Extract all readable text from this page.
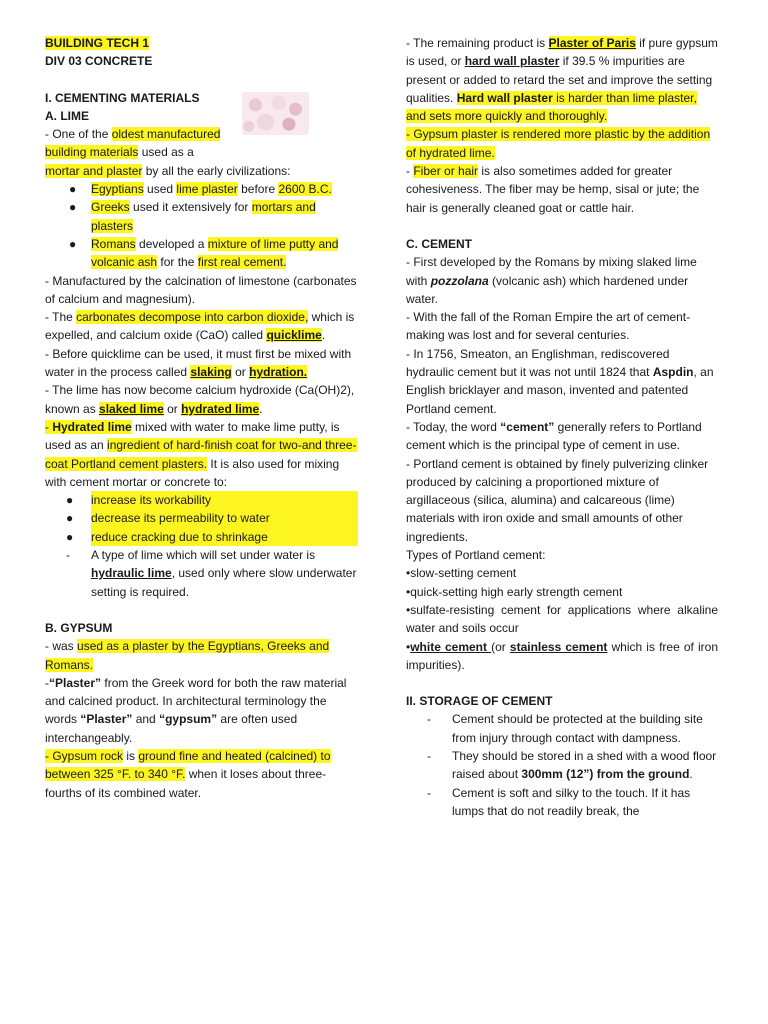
BUILDING TECH 1

DIV 03 CONCRETE

I. CEMENTING MATERIALS

A. LIME

- One of the oldest manufactured building materials used as a

mortar and plaster by all the early civilizations:

● Egyptians used lime plaster before 2600 B.C.
● Greeks used it extensively for mortars and plasters
● Romans developed a mixture of lime putty and volcanic ash for the first real cement.

- Manufactured by the calcination of limestone (carbonates of calcium and magnesium).

- The carbonates decompose into carbon dioxide, which is expelled, and calcium oxide (CaO) called quicklime.

- Before quicklime can be used, it must first be mixed with water in the process called slaking or hydration.

- The lime has now become calcium hydroxide (Ca(OH)2), known as slaked lime or hydrated lime.

- Hydrated lime mixed with water to make lime putty, is used as an ingredient of hard-finish coat for two-and three-coat Portland cement plasters. It is also used for mixing with cement mortar or concrete to:

● increase its workability
● decrease its permeability to water
● reduce cracking due to shrinkage
- A type of lime which will set under water is hydraulic lime, used only where slow underwater setting is required.

B. GYPSUM

- was used as a plaster by the Egyptians, Greeks and Romans.

-“Plaster” from the Greek word for both the raw material and calcined product. In architectural terminology the words “Plaster” and “gypsum” are often used interchangeably.

- Gypsum rock is ground fine and heated (calcined) to between 325 °F. to 340 °F. when it loses about three-fourths of its combined water.

- The remaining product is Plaster of Paris if pure gypsum is used, or hard wall plaster if 39.5 % impurities are present or added to retard the set and improve the setting qualities. Hard wall plaster is harder than lime plaster, and sets more quickly and thoroughly.

- Gypsum plaster is rendered more plastic by the addition of hydrated lime.

- Fiber or hair is also sometimes added for greater cohesiveness. The fiber may be hemp, sisal or jute; the hair is generally cleaned goat or cattle hair.

C. CEMENT

- First developed by the Romans by mixing slaked lime with pozzolana (volcanic ash) which hardened under water.

- With the fall of the Roman Empire the art of cement-making was lost and for several centuries.

- In 1756, Smeaton, an Englishman, rediscovered hydraulic cement but it was not until 1824 that Aspdin, an English bricklayer and mason, invented and patented Portland cement.

- Today, the word “cement” generally refers to Portland cement which is the principal type of cement in use.

- Portland cement is obtained by finely pulverizing clinker produced by calcining a proportioned mixture of argillaceous (silica, alumina) and calcareous (lime) materials with iron oxide and small amounts of other ingredients.

Types of Portland cement:

•slow-setting cement

•quick-setting high early strength cement

•sulfate-resisting cement for applications where alkaline water and soils occur

•white cement (or stainless cement which is free of iron impurities).

II. STORAGE OF CEMENT

- Cement should be protected at the building site from injury through contact with dampness.
- They should be stored in a shed with a wood floor raised about 300mm (12”) from the ground.
- Cement is soft and silky to the touch. If it has lumps that do not readily break, the
